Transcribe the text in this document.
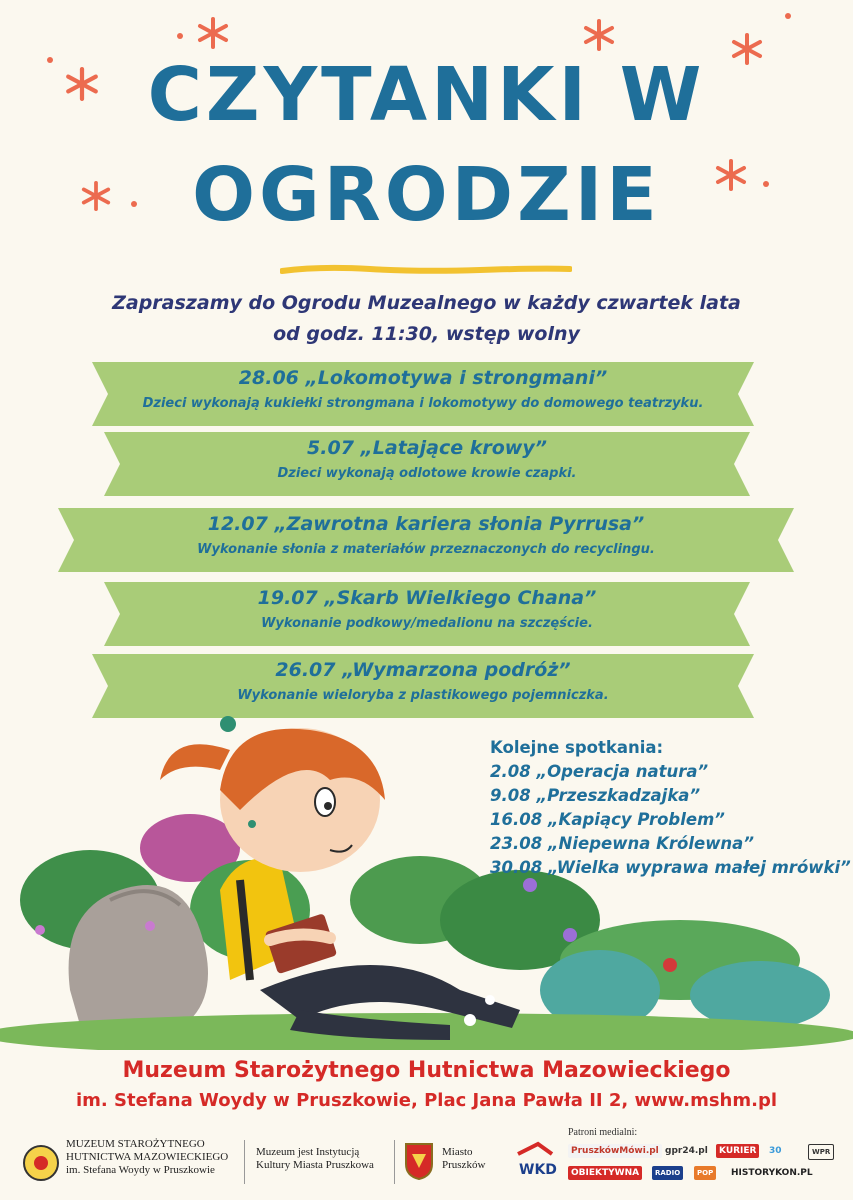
CZYTANKI W
OGRODZIE
Zapraszamy do Ogrodu Muzealnego w każdy czwartek lata
od godz. 11:30, wstęp wolny
28.06 „Lokomotywa i strongmani”
Dzieci wykonają kukiełki strongmana i lokomotywy do domowego teatrzyku.
5.07 „Latające krowy”
Dzieci wykonają odlotowe krowie czapki.
12.07 „Zawrotna kariera słonia Pyrrusa”
Wykonanie słonia z materiałów przeznaczonych do recyclingu.
19.07 „Skarb Wielkiego Chana”
Wykonanie podkowy/medalionu na szczęście.
26.07 „Wymarzona podróż”
Wykonanie wieloryba z plastikowego pojemniczka.
Kolejne spotkania:
2.08 „Operacja natura”
9.08 „Przeszkadzajka”
16.08 „Kapiący Problem”
23.08 „Niepewna Królewna”
30.08 „Wielka wyprawa małej mrówki”
Muzeum Starożytnego Hutnictwa Mazowieckiego
im. Stefana Woydy w Pruszkowie, Plac Jana Pawła II 2, www.mshm.pl
MUZEUM STAROŻYTNEGO
HUTNICTWA MAZOWIECKIEGO
im. Stefana Woydy w Pruszkowie
Muzeum jest Instytucją
Kultury Miasta Pruszkowa
Miasto
Pruszków WKD
Patroni medialni:
PruszkówMówi.pl gpr24.pl	KURIER	30	WPR
OBIEKTYWNA	RADIO	POP	HISTORYKON.PL
